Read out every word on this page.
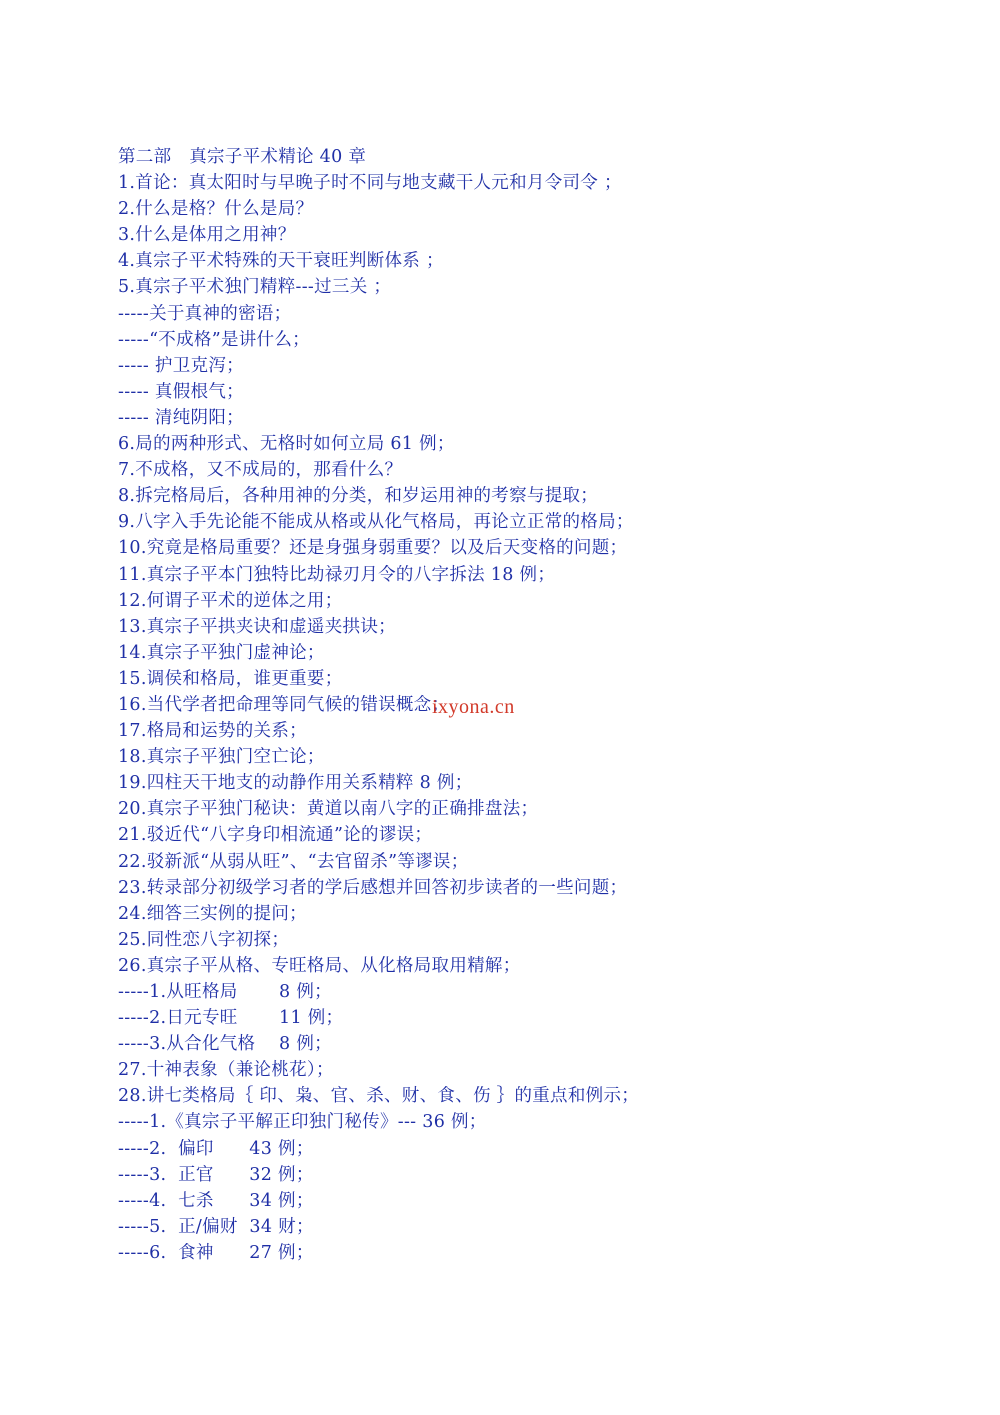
第二部　真宗子平术精论 40 章
1.首论：真太阳时与早晚子时不同与地支藏干人元和月令司令 ；
2.什么是格？什么是局？
3.什么是体用之用神？
4.真宗子平术特殊的天干衰旺判断体系 ；
5.真宗子平术独门精粹---过三关 ；
-----关于真神的密语；
-----“不成格”是讲什么；
----- 护卫克泻；
----- 真假根气；
----- 清纯阴阳；
6.局的两种形式、无格时如何立局 61 例；
7.不成格，又不成局的，那看什么？
8.拆完格局后，各种用神的分类，和岁运用神的考察与提取；
9.八字入手先论能不能成从格或从化气格局，再论立正常的格局；
10.究竟是格局重要？还是身强身弱重要？以及后天变格的问题；
11.真宗子平本门独特比劫禄刃月令的八字拆法 18 例；
12.何谓子平术的逆体之用；
13.真宗子平拱夹诀和虚遥夹拱诀；
14.真宗子平独门虚神论；
15.调侯和格局，谁更重要；
16.当代学者把命理等同气候的错误概念；
17.格局和运势的关系；
18.真宗子平独门空亡论；
19.四柱天干地支的动静作用关系精粹 8 例；
20.真宗子平独门秘诀：黄道以南八字的正确排盘法；
21.驳近代“八字身印相流通”论的谬误；
22.驳新派“从弱从旺”、“去官留杀”等谬误；
23.转录部分初级学习者的学后感想并回答初步读者的一些问题；
24.细答三实例的提问；
25.同性恋八字初探；
26.真宗子平从格、专旺格局、从化格局取用精解；
-----1.从旺格局　　 8 例；
-----2.日元专旺　　 11 例；
-----3.从合化气格　 8 例；
27.十神表象（兼论桃花）；
28.讲七类格局｛ 印、枭、官、杀、财、食、伤 ｝的重点和例示；
-----1.《真宗子平解正印独门秘传》--- 36 例；
-----2.  偏印　　43 例；
-----3.  正官　　32 例；
-----4.  七杀　　34 例；
-----5.  正/偏财  34 财；
-----6.  食神　　27 例；
ixyona.cn
